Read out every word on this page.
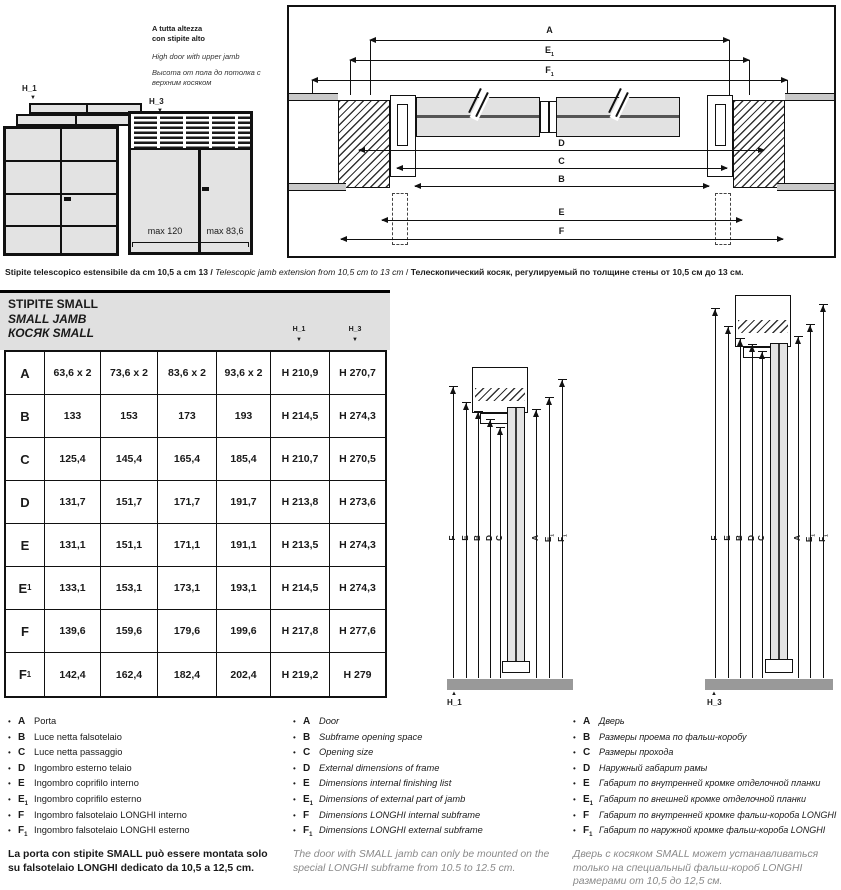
A tutta altezza
con stipite alto
High door with upper jamb
Высота от пола до потолка с
верхним косяком
H_1
▼	H_3
max 120	max 83,6
A
$E_1$
$F_1$
D
C
B
E
F
Stipite telescopico estensibile da cm 10,5 a cm 13 / Telescopic jamb extension from 10,5 cm to 13 cm / Телескопический косяк, регулируемый по толщине стены от 10,5 см до 13 см.
STIPITE SMALL
SMALL JAMB
КОСЯК SMALL	H_1
▼
H_3
▼
A	63,6 x 2	73,6 x 2	83,6 x 2	93,6 x 2	H 210,9	H 270,7
B	133	153	173	193	H 214,5	H 274,3
C	125,4	145,4	165,4	185,4	H 210,7	H 270,5
D	131,7	151,7	171,7	191,7	H 213,8	H 273,6
E	131,1	151,1	171,1	191,1	H 213,5	H 274,3
E 1	133,1	153,1	173,1	193,1	H 214,5	H 274,3
F	139,6	159,6	179,6	199,6	H 217,8	H 277,6
F 1	142,4	162,4	182,4	202,4	H 219,2	H 279
F E B D C	A $E_1$
$F_1$
▲
H_1
F E B D C	A $E_1$
$F_1$
▲
H_3
• A Porta
• B Luce netta falsotelaio
• C Luce netta passaggio
• D Ingombro esterno telaio
• E	Ingombro coprifilo interno
• $E_1$ Ingombro coprifilo esterno
• F	Ingombro falsotelaio LONGHI interno
• $F_1$ Ingombro falsotelaio LONGHI esterno
• A Door
• B Subframe opening space
• C Opening size
• D External dimensions of frame
• E	Dimensions internal finishing list
• $E_1$ Dimensions of external part of jamb
• F	Dimensions LONGHI internal subframe
• $F_1$ Dimensions LONGHI external subframe
• A Дверь
• B Размеры проема по фальш-коробу
• C Размеры прохода
• D Наружный габарит рамы
• E	Габарит по внутренней кромке отделочной планки
• $E_1$ Габарит по внешней кромке отделочной планки
• F	Габарит по внутренней кромке фальш-короба LONGHI
• $F_1$ Габарит по наружной кромке фальш-короба LONGHI
La porta con stipite SMALL può essere montata solo su falsotelaio LONGHI dedicato da 10,5 a 12,5 cm.
The door with SMALL jamb can only be mounted on the special LONGHI subframe from 10.5 to 12.5 cm.
Дверь с косяком SMALL может устанавливаться только на специальный фальш-короб LONGHI размерами от 10,5 до 12,5 см.
